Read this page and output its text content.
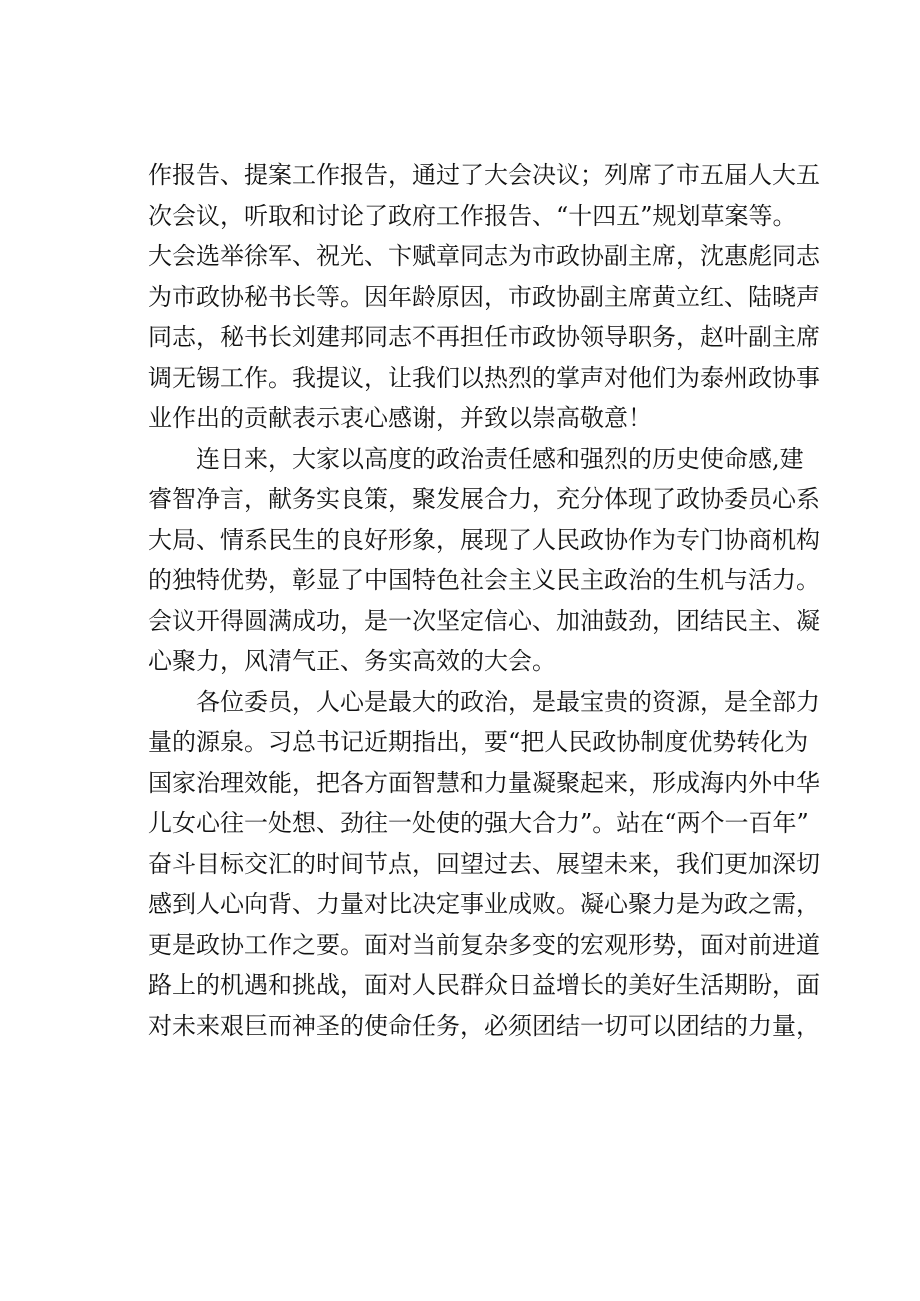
作报告、提案工作报告，通过了大会决议；列席了市五届人大五

次会议，听取和讨论了政府工作报告、“十四五”规划草案等。

大会选举徐军、祝光、卞赋章同志为市政协副主席，沈惠彪同志

为市政协秘书长等。因年龄原因，市政协副主席黄立红、陆晓声

同志，秘书长刘建邦同志不再担任市政协领导职务，赵叶副主席

调无锡工作。我提议，让我们以热烈的掌声对他们为泰州政协事

业作出的贡献表示衷心感谢，并致以崇高敬意！

　　连日来，大家以高度的政治责任感和强烈的历史使命感,建

睿智净言，献务实良策，聚发展合力，充分体现了政协委员心系

大局、情系民生的良好形象，展现了人民政协作为专门协商机构

的独特优势，彰显了中国特色社会主义民主政治的生机与活力。

会议开得圆满成功，是一次坚定信心、加油鼓劲，团结民主、凝

心聚力，风清气正、务实高效的大会。

　　各位委员，人心是最大的政治，是最宝贵的资源，是全部力

量的源泉。习总书记近期指出，要“把人民政协制度优势转化为

国家治理效能，把各方面智慧和力量凝聚起来，形成海内外中华

儿女心往一处想、劲往一处使的强大合力”。站在“两个一百年”

奋斗目标交汇的时间节点，回望过去、展望未来，我们更加深切

感到人心向背、力量对比决定事业成败。凝心聚力是为政之需，

更是政协工作之要。面对当前复杂多变的宏观形势，面对前进道

路上的机遇和挑战，面对人民群众日益增长的美好生活期盼，面

对未来艰巨而神圣的使命任务，必须团结一切可以团结的力量，
